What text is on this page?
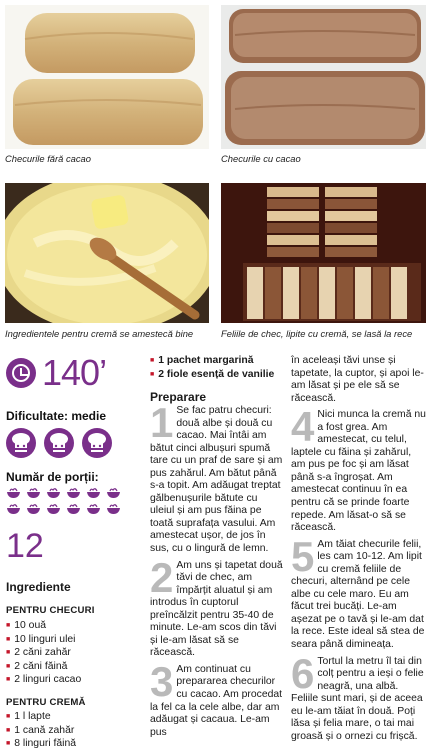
Checurile fără cacao	Checurile cu cacao
Ingredientele pentru cremă se amestecă bine	Feliile de chec, lipite cu cremă, se lasă la rece
140’
Dificultate: medie
Număr de porții:
12
Ingrediente
PENTRU CHECURI
■ 10 ouă
■ 10 linguri ulei
■ 2 căni zahăr
■ 2 căni făină
■ 2 linguri cacao
PENTRU CREMĂ
■ 1 l lapte
■ 1 cană zahăr
■ 8 linguri făină
■ 1 pachet margarină
■ 2 fiole esență de vanilie
Preparare

1 Se fac patru checuri: două albe și două cu cacao. Mai întâi am bătut cinci albușuri spumă tare cu un praf de sare și am pus zahărul. Am bătut până s-a topit. Am adăugat treptat gălbenușurile bătute cu uleiul și am pus făina pe toată suprafața vasului. Am amestecat ușor, de jos în sus, cu o lingură de lemn.

2 Am uns și tapetat două tăvi de chec, am împărțit aluatul și am introdus în cuptorul preîncălzit pentru 35-40 de minute. Le-am scos din tăvi și le-am lăsat să se răcească.

3 Am continuat cu prepararea checurilor cu cacao. Am procedat la fel ca la cele albe, dar am adăugat și cacaua. Le-am pus

în aceleași tăvi unse și tapetate, la cuptor, și apoi le-am lăsat și pe ele să se răcească.

4 Nici munca la cremă nu a fost grea. Am amestecat, cu telul, laptele cu făina și zahărul, am pus pe foc și am lăsat până s-a îngroșat. Am amestecat continuu în ea pentru că se prinde foarte repede. Am lăsat-o să se răcească.

5 Am tăiat checurile felii, les cam 10-12. Am lipit cu cremă feliile de checuri, alternând pe cele albe cu cele maro. Eu am făcut trei bucăți. Le-am așezat pe o tavă și le-am dat la rece. Este ideal să stea de seara până dimineața.

6 Tortul la metru îl tai din colț pentru a ieși o felie neagră, una albă. Feliile sunt mari, și de aceea eu le-am tăiat în două. Poți lăsa și felia mare, o tai mai groasă și o ornezi cu frișcă.
